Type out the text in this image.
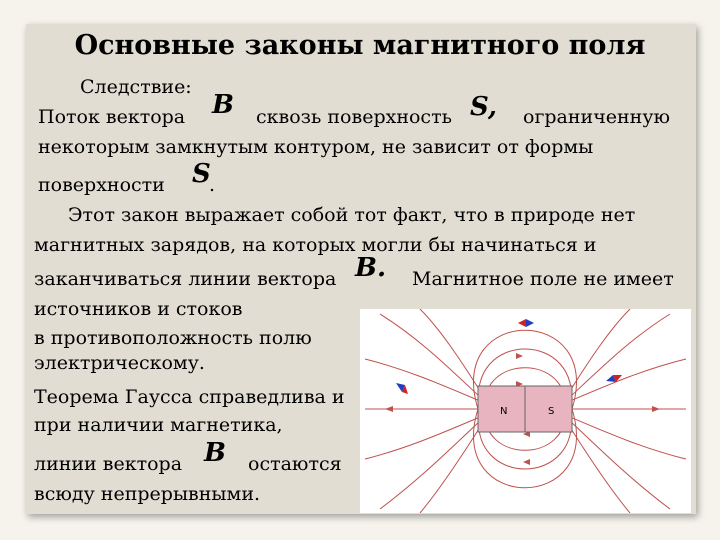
Основные законы магнитного поля
Следствие:
Поток вектора B сквозь поверхность S, ограниченную
некоторым замкнутым контуром, не зависит от формы
поверхности S
.
Этот закон выражает собой тот факт, что в природе нет
магнитных зарядов, на которых могли бы начинаться и
заканчиваться линии вектора B. Магнитное поле не имеет
источников и стоков
в противоположность полю
электрическому.
Теорема Гаусса справедлива и
при наличии магнетика,
линии вектора B остаются
всюду непрерывными.
N	S
